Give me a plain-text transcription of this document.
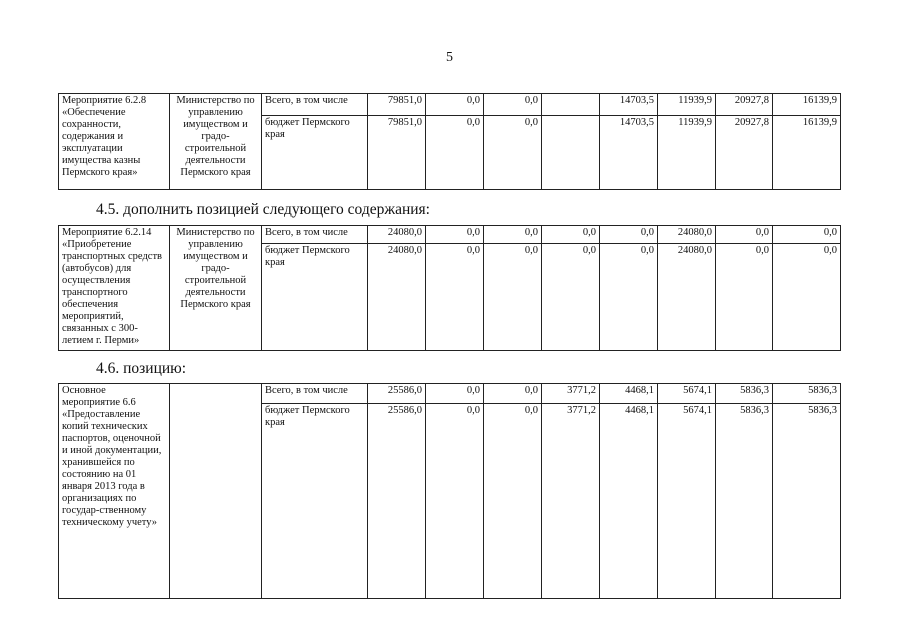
5
Мероприятие 6.2.8 «Обеспечение сохранности, содержания и эксплуатации имущества казны Пермского края»	Министерство по управлению имуществом и градо-строительной деятельности Пермского края	Всего, в том числе	79851,0	0,0	0,0		14703,5	11939,9	20927,8	16139,9	
		бюджет Пермского края	79851,0	0,0	0,0		14703,5	11939,9	20927,8	16139,9	
4.5. дополнить позицией следующего содержания:
Мероприятие 6.2.14 «Приобретение транспортных средств (автобусов) для осуществления транспортного обеспечения мероприятий, связанных с 300-летием г. Перми»	Министерство по управлению имуществом и градо-строительной деятельности Пермского края	Всего, в том числе	24080,0	0,0	0,0	0,0	0,0	24080,0	0,0	0,0	
		бюджет Пермского края	24080,0	0,0	0,0	0,0	0,0	24080,0	0,0	0,0	
4.6. позицию:
Основное мероприятие 6.6 «Предоставление копий технических паспортов, оценочной и иной документации, хранившейся по состоянию на 01 января 2013 года в организациях по государ-ственному техническому учету»		Всего, в том числе	25586,0	0,0	0,0	3771,2	4468,1	5674,1	5836,3	5836,3	
		бюджет Пермского края	25586,0	0,0	0,0	3771,2	4468,1	5674,1	5836,3	5836,3	
